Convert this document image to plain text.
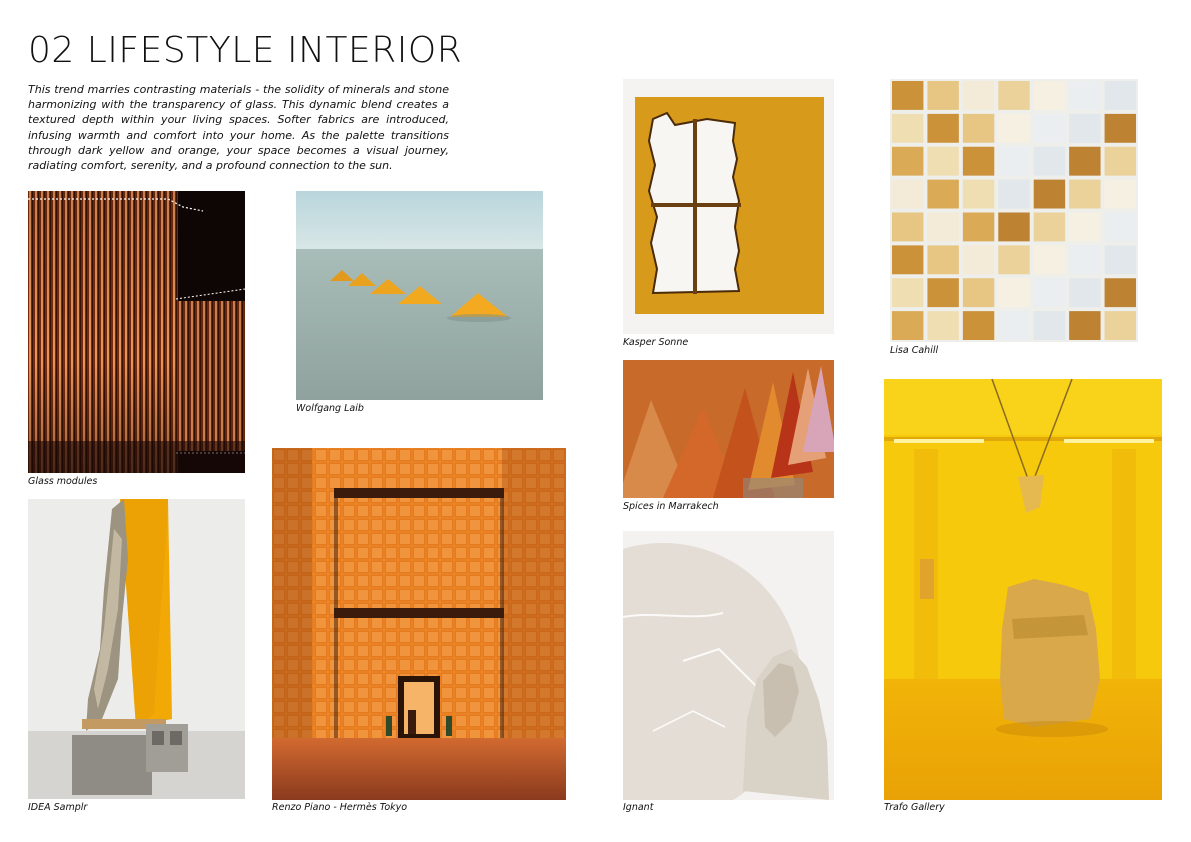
02 LIFESTYLE INTERIOR
This trend marries contrasting materials - the solidity of minerals and stone harmonizing with the transparency of glass. This dynamic blend creates a textured depth within your living spaces. Softer fabrics are introduced, infusing warmth and comfort into your home. As the palette transitions through dark yellow and orange, your space becomes a visual journey, radiating comfort, serenity, and a profound connection to the sun.
Glass modules
Wolfgang Laib
IDEA Samplr	Renzo Piano - Hermès Tokyo
Kasper Sonne
Spices in Marrakech
Ignant
Lisa Cahill
Trafo Gallery
